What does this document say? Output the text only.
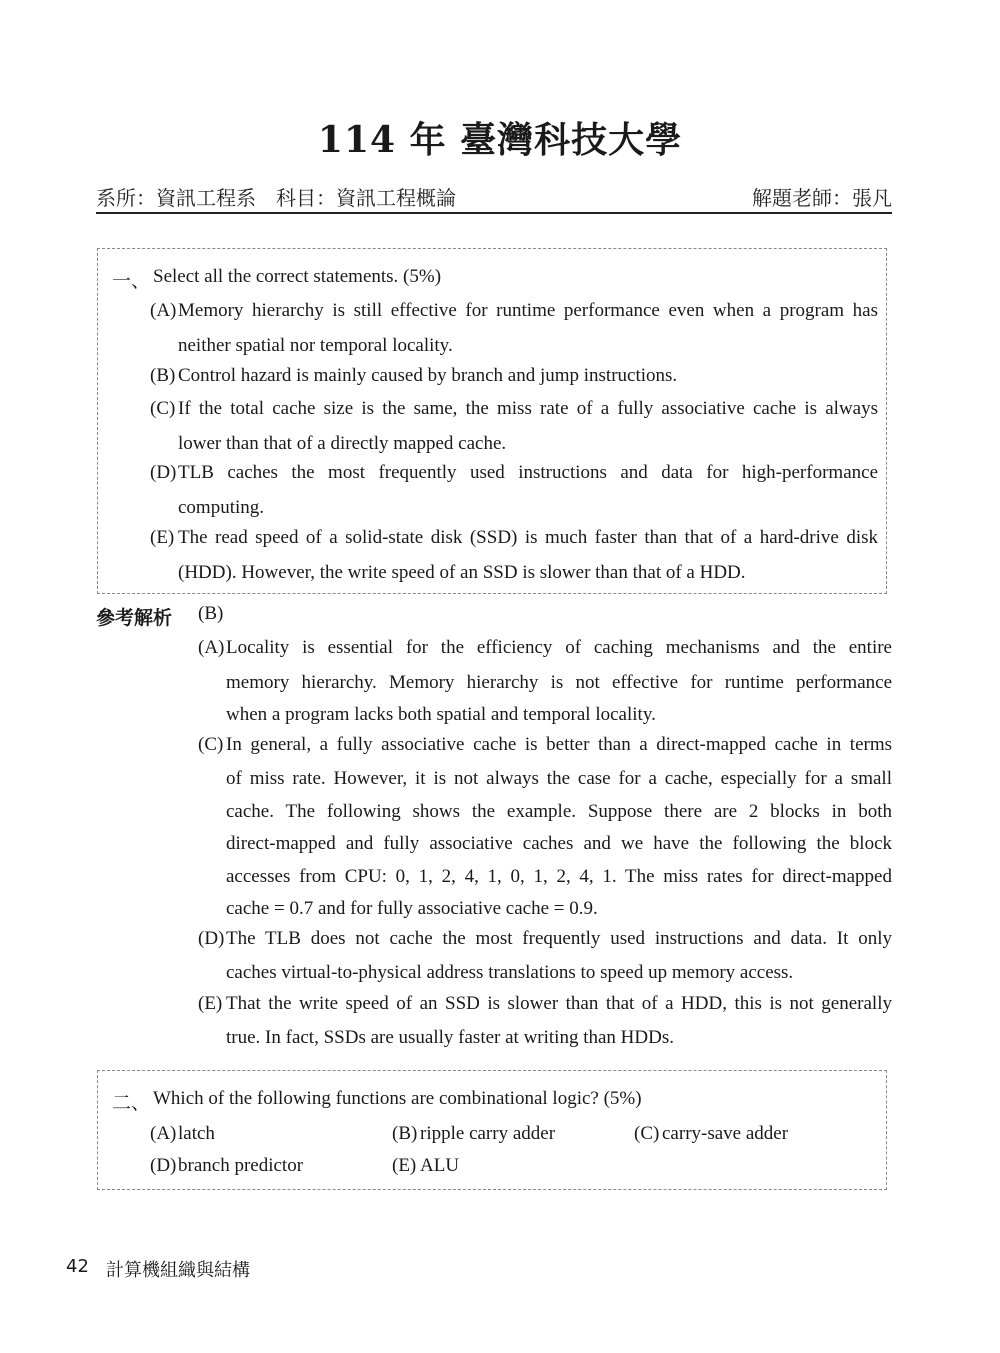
114 年 臺灣科技大學
系所：資訊工程系　科目：資訊工程概論	解題老師：張凡
一、 Select all the correct statements. (5%)
(A) Memory hierarchy is still effective for runtime performance even when a program has
neither spatial nor temporal locality.
(B) Control hazard is mainly caused by branch and jump instructions.
(C) If the total cache size is the same, the miss rate of a fully associative cache is always
lower than that of a directly mapped cache.
(D) TLB caches the most frequently used instructions and data for high-performance
computing.
(E) The read speed of a solid-state disk (SSD) is much faster than that of a hard-drive disk
(HDD). However, the write speed of an SSD is slower than that of a HDD.
參考解析 (B)
(A) Locality is essential for the efficiency of caching mechanisms and the entire
memory hierarchy. Memory hierarchy is not effective for runtime performance
when a program lacks both spatial and temporal locality.
(C) In general, a fully associative cache is better than a direct-mapped cache in terms
of miss rate. However, it is not always the case for a cache, especially for a small
cache. The following shows the example. Suppose there are 2 blocks in both
direct-mapped and fully associative caches and we have the following the block
accesses from CPU: 0, 1, 2, 4, 1, 0, 1, 2, 4, 1. The miss rates for direct-mapped
cache = 0.7 and for fully associative cache = 0.9.
(D) The TLB does not cache the most frequently used instructions and data. It only
caches virtual-to-physical address translations to speed up memory access.
(E) That the write speed of an SSD is slower than that of a HDD, this is not generally
true. In fact, SSDs are usually faster at writing than HDDs.
二、 Which of the following functions are combinational logic? (5%)
(A) latch	(B) ripple carry adder	(C) carry-save adder
(D) branch predictor	(E) ALU
42 計算機組織與結構
